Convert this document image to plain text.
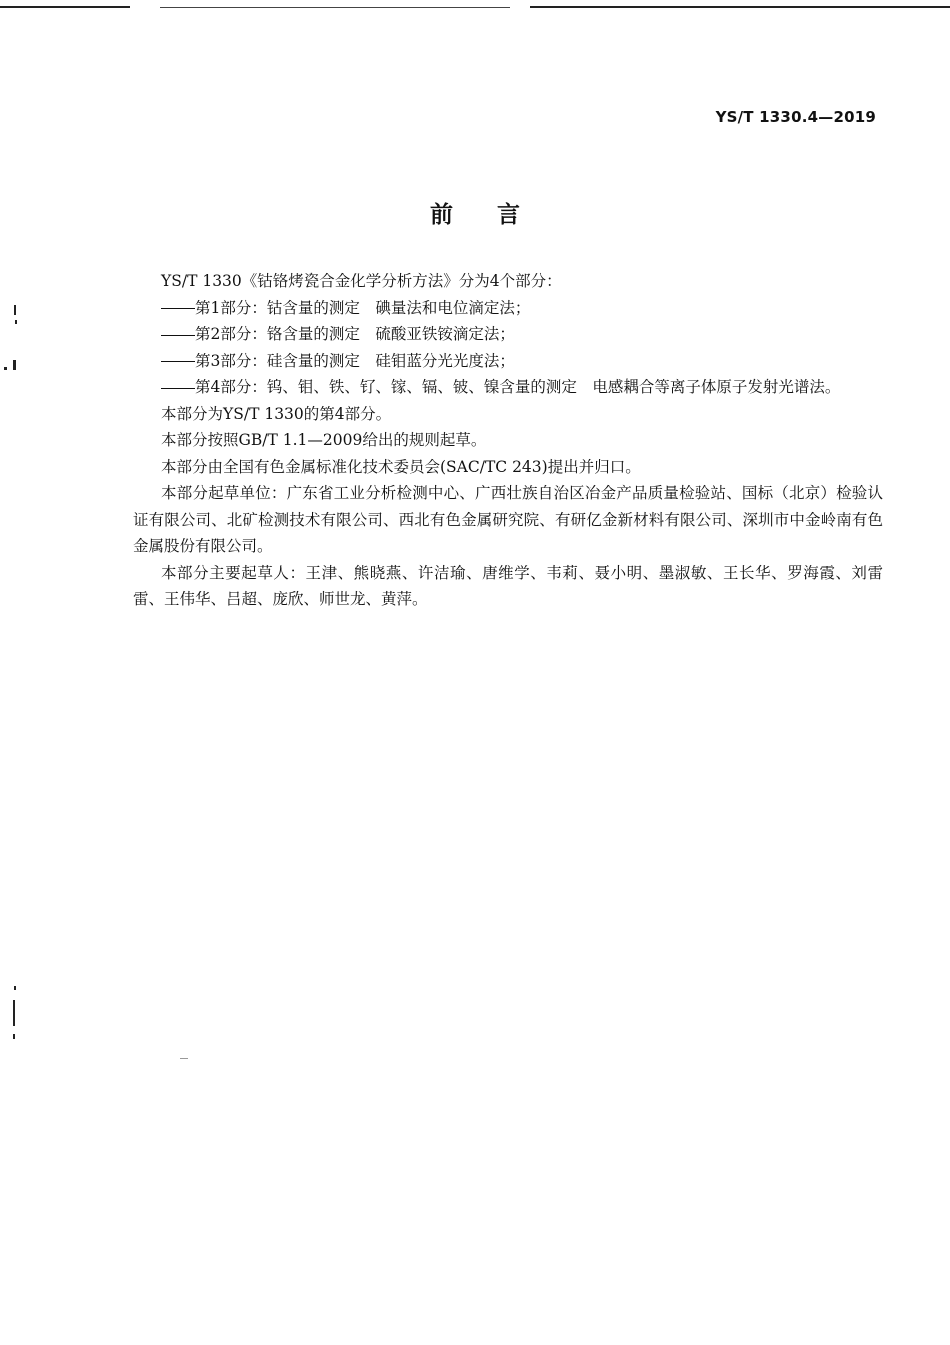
YS/T 1330.4—2019
前言

YS/T 1330《钴铬烤瓷合金化学分析方法》分为4个部分：

第1部分：钴含量的测定　碘量法和电位滴定法；

第2部分：铬含量的测定　硫酸亚铁铵滴定法；

第3部分：硅含量的测定　硅钼蓝分光光度法；

第4部分：钨、钼、铁、钌、镓、镉、铍、镍含量的测定　电感耦合等离子体原子发射光谱法。

本部分为YS/T 1330的第4部分。

本部分按照GB/T 1.1—2009给出的规则起草。

本部分由全国有色金属标准化技术委员会(SAC/TC 243)提出并归口。

本部分起草单位：广东省工业分析检测中心、广西壮族自治区冶金产品质量检验站、国标（北京）检验认证有限公司、北矿检测技术有限公司、西北有色金属研究院、有研亿金新材料有限公司、深圳市中金岭南有色金属股份有限公司。

本部分主要起草人：王津、熊晓燕、许洁瑜、唐维学、韦莉、聂小明、墨淑敏、王长华、罗海霞、刘雷雷、王伟华、吕超、庞欣、师世龙、黄萍。
